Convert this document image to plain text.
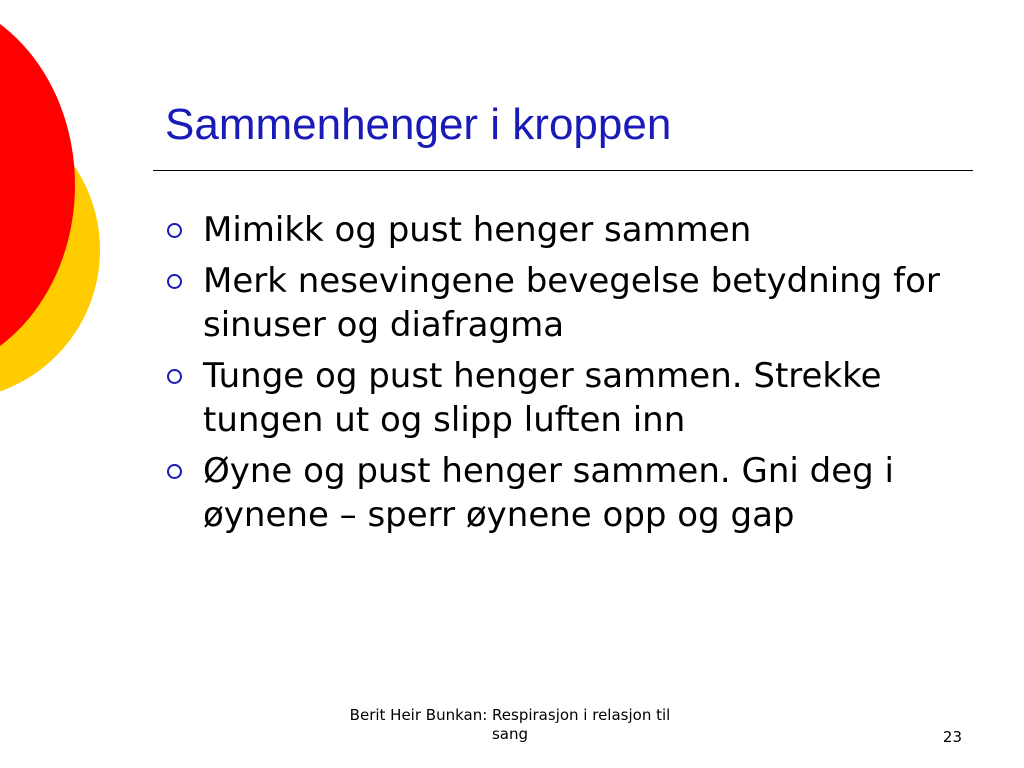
Sammenhenger i kroppen
Mimikk og pust henger sammen
Merk nesevingene bevegelse betydning for sinuser og diafragma
Tunge og pust henger sammen. Strekke tungen ut og slipp luften inn
Øyne og pust henger sammen. Gni deg i øynene – sperr øynene opp og gap
Berit Heir Bunkan: Respirasjon i relasjon til sang	23
